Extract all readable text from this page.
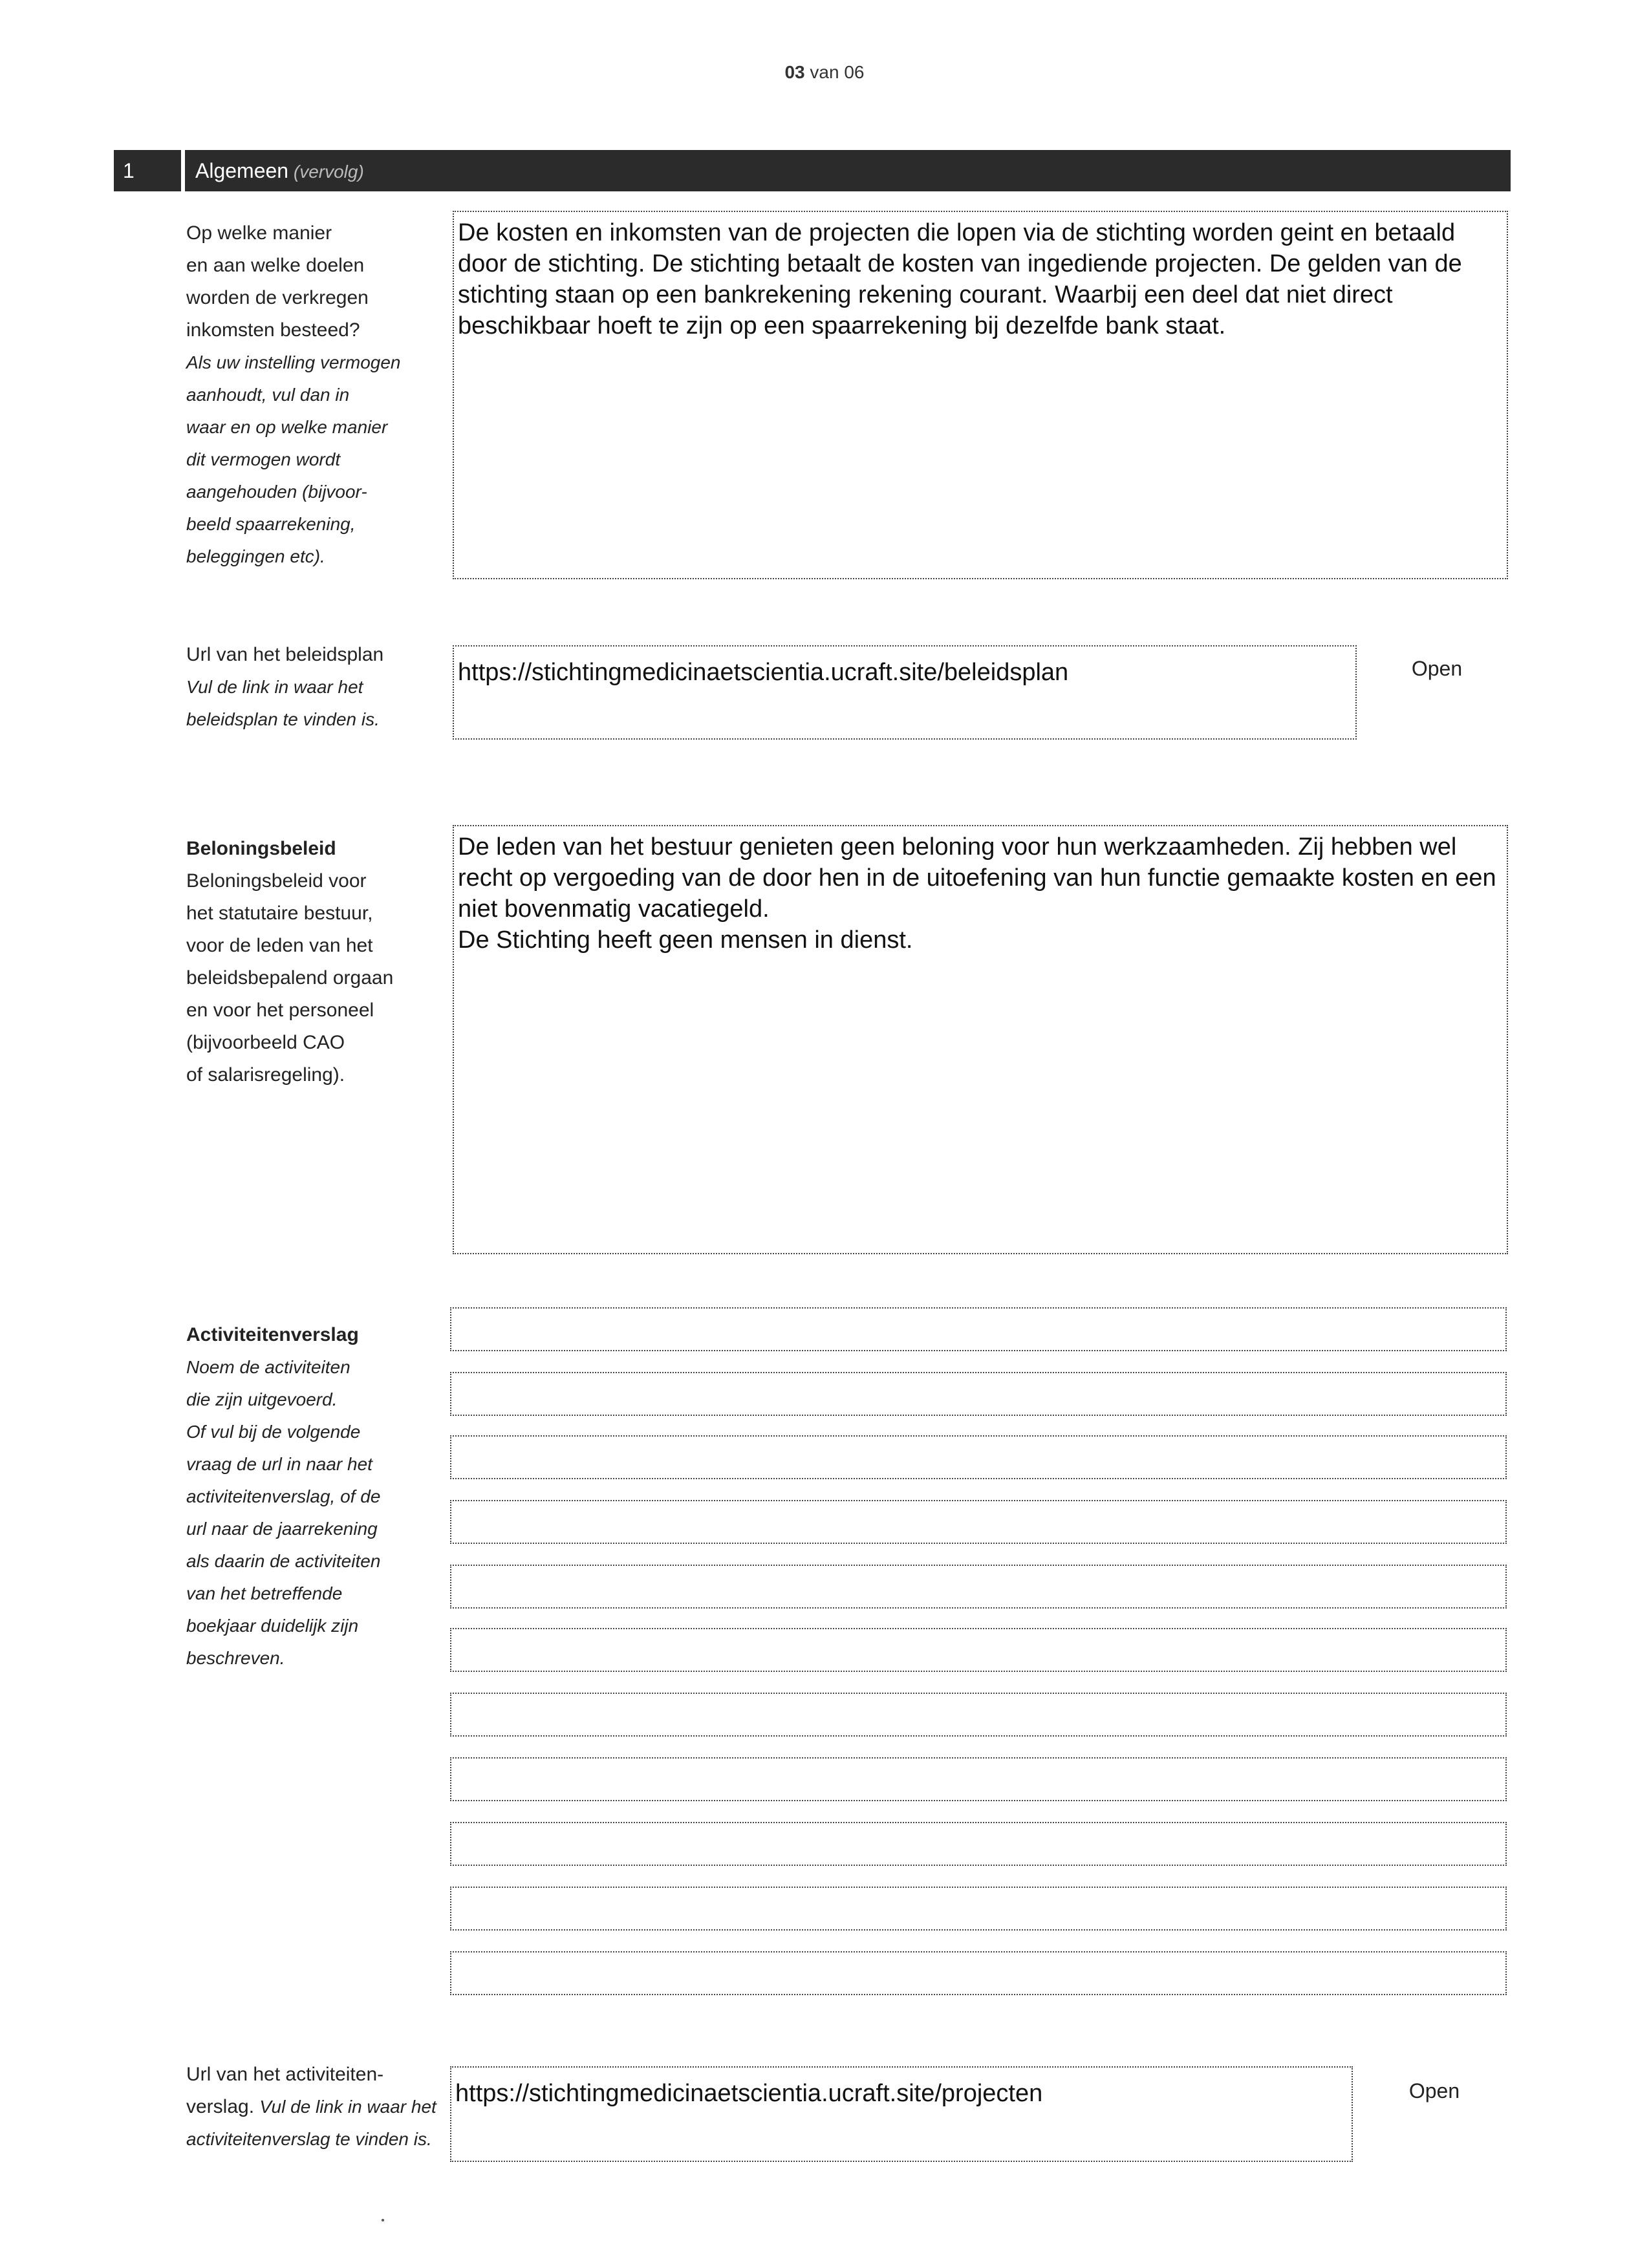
03 van 06
1	Algemeen (vervolg)
Op welke manier
en aan welke doelen
worden de verkregen
inkomsten besteed?
Als uw instelling vermogen
aanhoudt, vul dan in
waar en op welke manier
dit vermogen wordt
aangehouden (bijvoor-
beeld spaarrekening,
beleggingen etc).
De kosten en inkomsten van de projecten die lopen via de stichting worden geint en betaald door de stichting. De stichting betaalt de kosten van ingediende projecten. De gelden van de stichting staan op een bankrekening rekening courant. Waarbij een deel dat niet direct beschikbaar hoeft te zijn op een spaarrekening bij dezelfde bank staat.
Url van het beleidsplan
Vul de link in waar het
beleidsplan te vinden is.
https://stichtingmedicinaetscientia.ucraft.site/beleidsplan	Open
Beloningsbeleid
Beloningsbeleid voor
het statutaire bestuur,
voor de leden van het
beleidsbepalend orgaan
en voor het personeel
(bijvoorbeeld CAO
of salarisregeling).
De leden van het bestuur genieten geen beloning voor hun werkzaamheden. Zij hebben wel recht op vergoeding van de door hen in de uitoefening van hun functie gemaakte kosten en een niet bovenmatig vacatiegeld.
De Stichting heeft geen mensen in dienst.
Activiteitenverslag
Noem de activiteiten
die zijn uitgevoerd.
Of vul bij de volgende
vraag de url in naar het
activiteitenverslag, of de
url naar de jaarrekening
als daarin de activiteiten
van het betreffende
boekjaar duidelijk zijn
beschreven.
Url van het activiteiten-
verslag. Vul de link in waar het
activiteitenverslag te vinden is.
https://stichtingmedicinaetscientia.ucraft.site/projecten	Open
